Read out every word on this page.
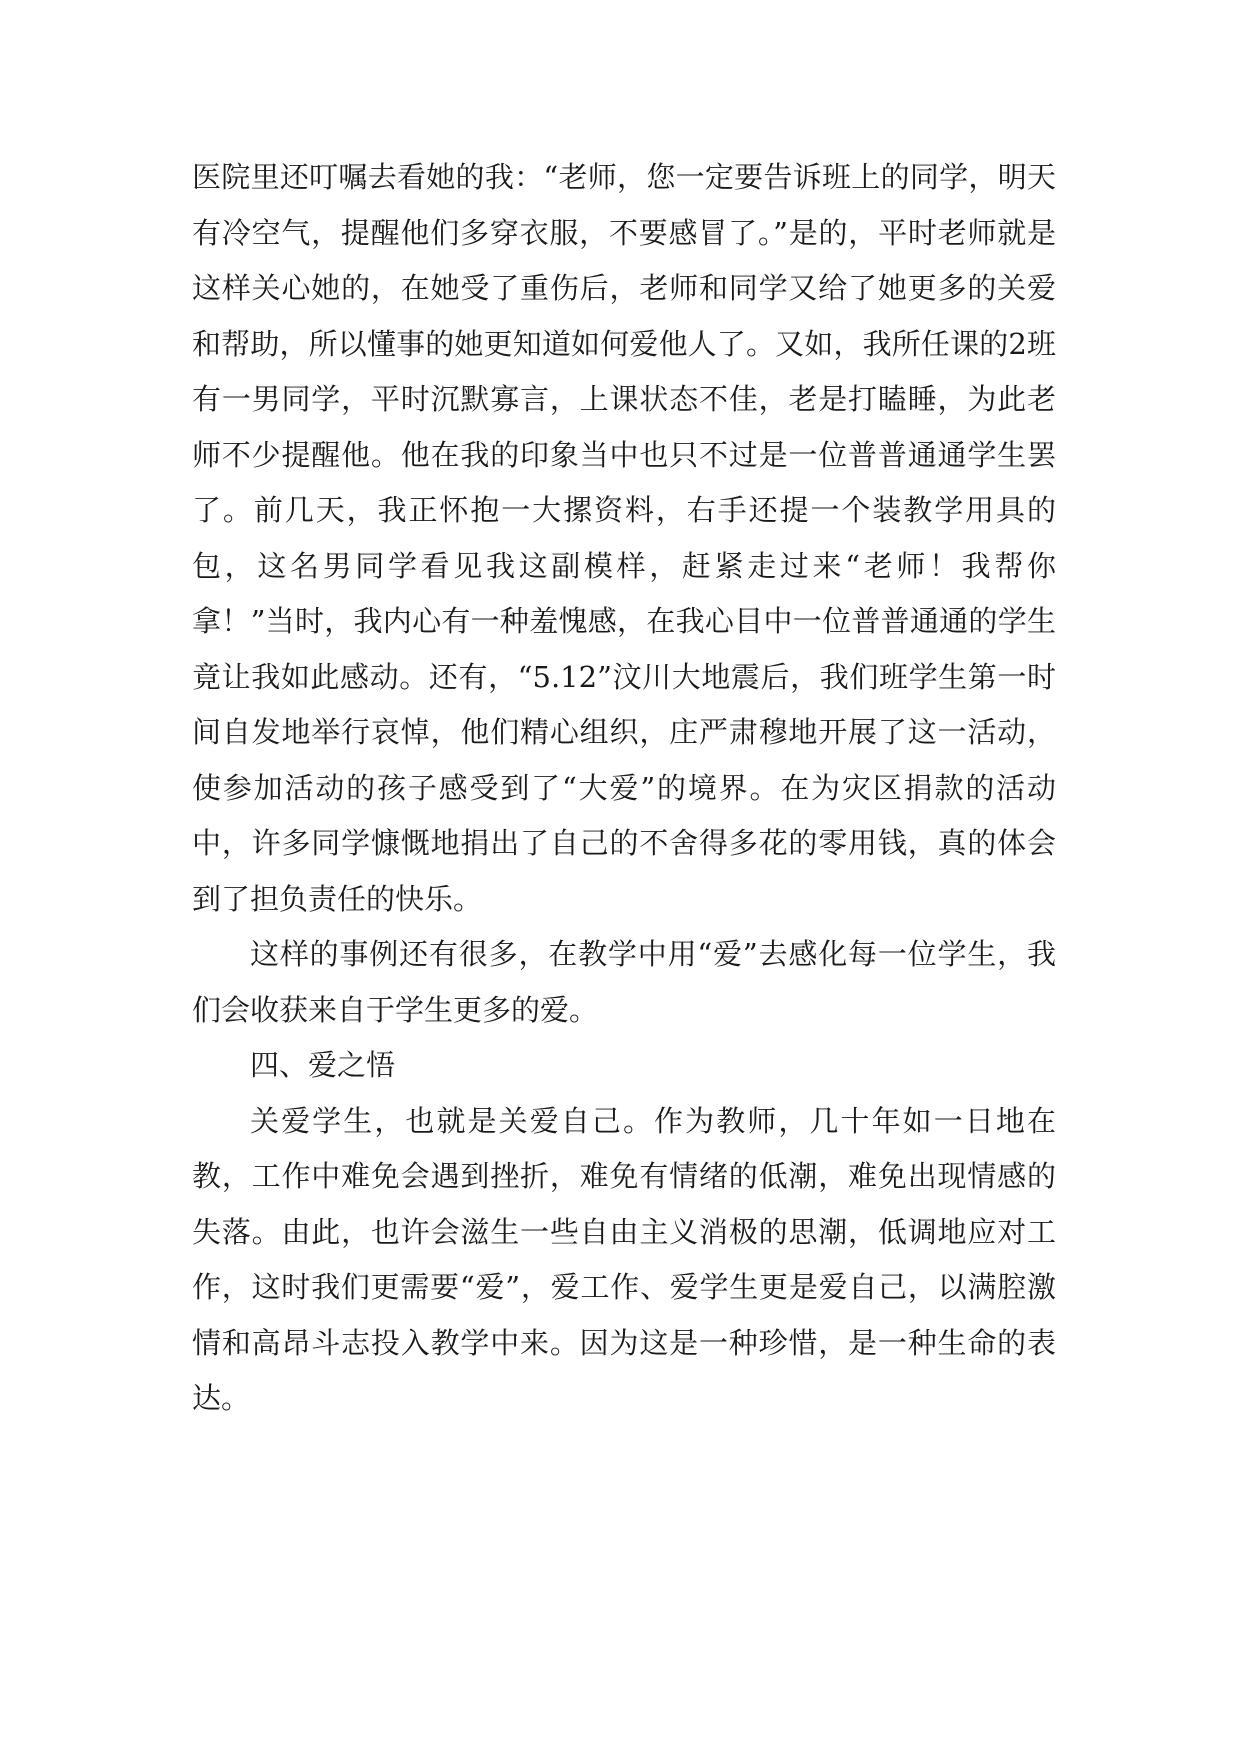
医院里还叮嘱去看她的我：“老师，您一定要告诉班上的同学，明天有冷空气，提醒他们多穿衣服，不要感冒了。”是的，平时老师就是这样关心她的，在她受了重伤后，老师和同学又给了她更多的关爱和帮助，所以懂事的她更知道如何爱他人了。又如，我所任课的2班有一男同学，平时沉默寡言，上课状态不佳，老是打瞌睡，为此老师不少提醒他。他在我的印象当中也只不过是一位普普通通学生罢了。前几天，我正怀抱一大摞资料，右手还提一个装教学用具的包，这名男同学看见我这副模样，赶紧走过来“老师！我帮你拿！”当时，我内心有一种羞愧感，在我心目中一位普普通通的学生竟让我如此感动。还有，“5.12”汶川大地震后，我们班学生第一时间自发地举行哀悼，他们精心组织，庄严肃穆地开展了这一活动，使参加活动的孩子感受到了“大爱”的境界。在为灾区捐款的活动中，许多同学慷慨地捐出了自己的不舍得多花的零用钱，真的体会到了担负责任的快乐。

这样的事例还有很多，在教学中用“爱”去感化每一位学生，我们会收获来自于学生更多的爱。

四、爱之悟

关爱学生，也就是关爱自己。作为教师，几十年如一日地在教，工作中难免会遇到挫折，难免有情绪的低潮，难免出现情感的失落。由此，也许会滋生一些自由主义消极的思潮，低调地应对工作，这时我们更需要“爱”，爱工作、爱学生更是爱自己，以满腔激情和高昂斗志投入教学中来。因为这是一种珍惜，是一种生命的表达。
